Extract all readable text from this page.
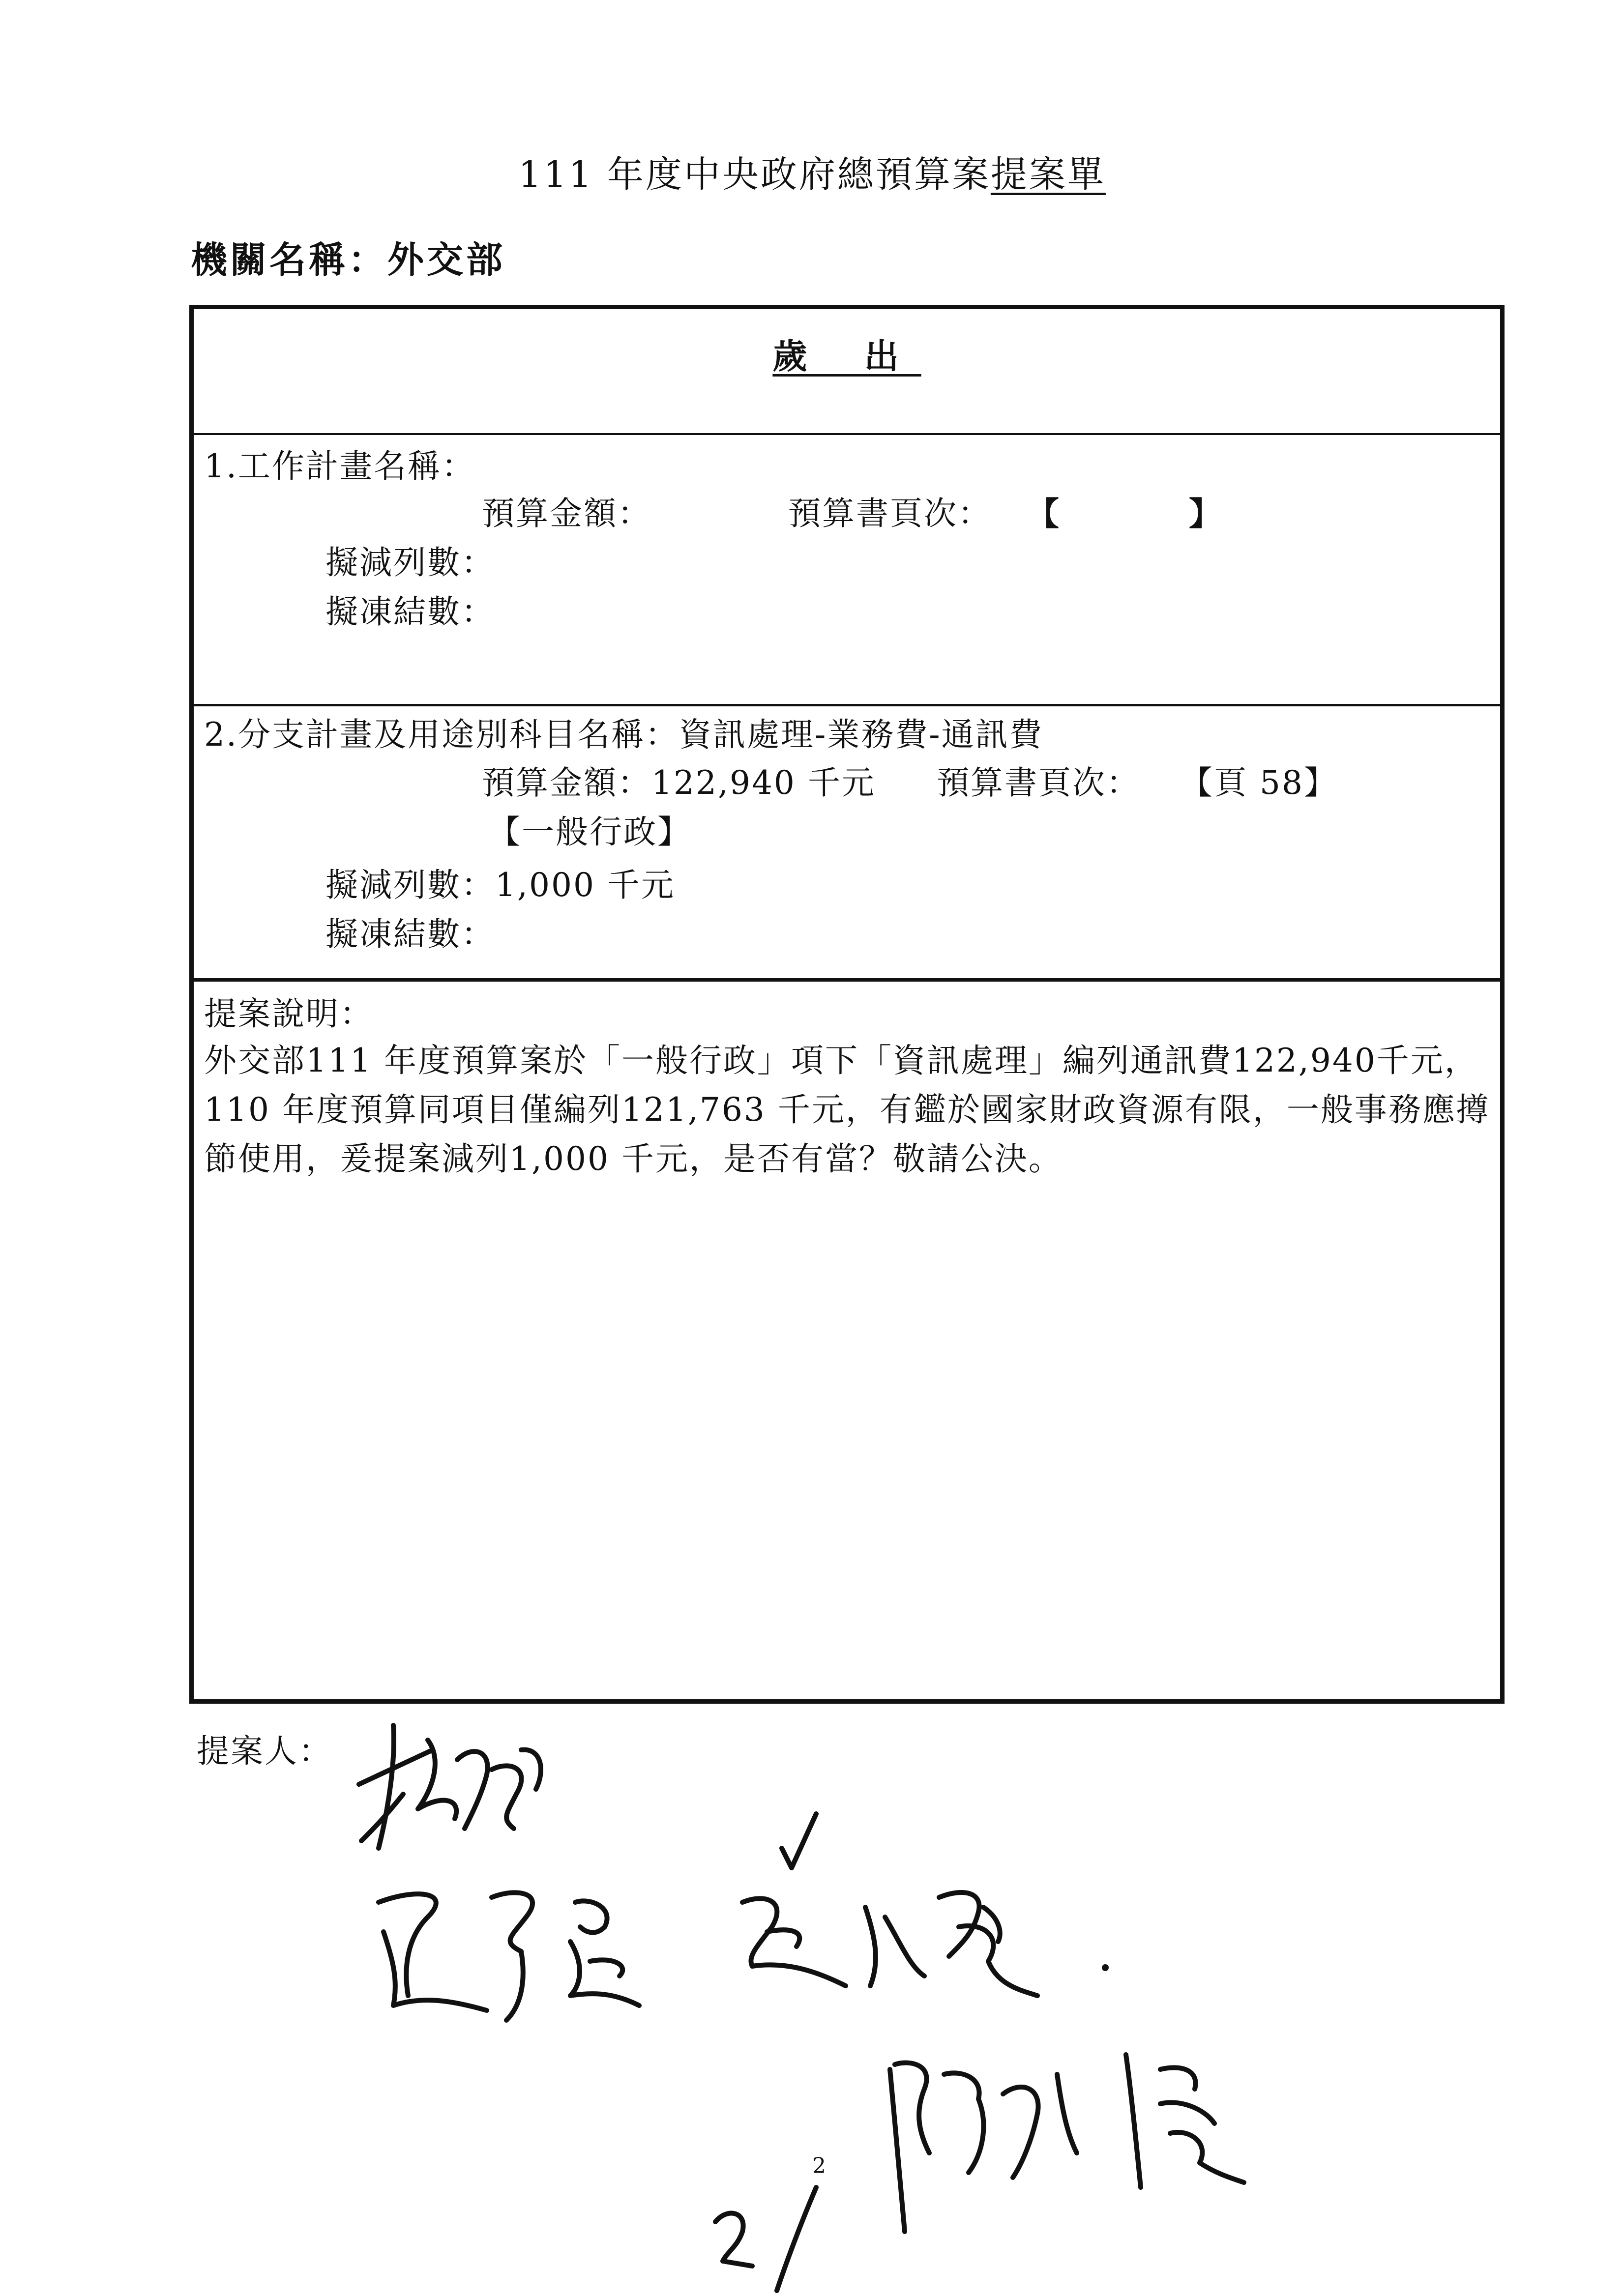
111 年度中央政府總預算案提案單
機關名稱：外交部
歲 出
1.工作計畫名稱：
預算金額：	預算書頁次： 【	】
擬減列數：
擬凍結數：
2.分支計畫及用途別科目名稱：資訊處理-業務費-通訊費
預算金額：122,940 千元 預算書頁次： 【頁 58】
【一般行政】
擬減列數：1,000 千元
擬凍結數：
提案說明：
外交部111 年度預算案於「一般行政」項下「資訊處理」編列通訊費122,940千元，110 年度預算同項目僅編列121,763 千元，有鑑於國家財政資源有限，一般事務應撙節使用，爰提案減列1,000 千元，是否有當？敬請公決。
提案人：
2
